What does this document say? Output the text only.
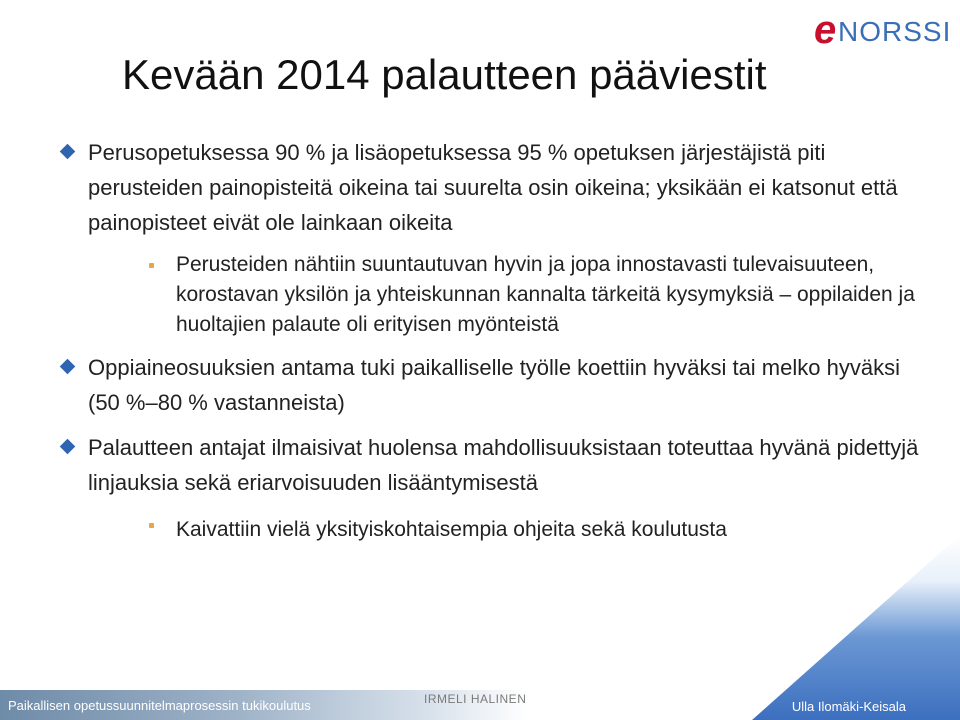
e NORSSI
Kevään 2014 palautteen pääviestit
Perusopetuksessa 90 % ja lisäopetuksessa 95 % opetuksen järjestäjistä piti perusteiden painopisteitä oikeina tai suurelta osin oikeina; yksikään ei katsonut että painopisteet eivät ole lainkaan oikeita
Perusteiden nähtiin suuntautuvan hyvin ja jopa innostavasti tulevaisuuteen, korostavan yksilön ja yhteiskunnan kannalta tärkeitä kysymyksiä – oppilaiden ja huoltajien palaute oli erityisen myönteistä
Oppiaineosuuksien antama tuki paikalliselle työlle koettiin hyväksi tai melko hyväksi (50 %–80 % vastanneista)
Palautteen antajat ilmaisivat huolensa mahdollisuuksistaan toteuttaa hyvänä pidettyjä linjauksia sekä eriarvoisuuden lisääntymisestä
Kaivattiin vielä yksityiskohtaisempia ohjeita sekä koulutusta
Paikallisen opetussuunnitelmaprosessin tukikoulutus	IRMELI HALINEN	Ulla Ilomäki-Keisala
